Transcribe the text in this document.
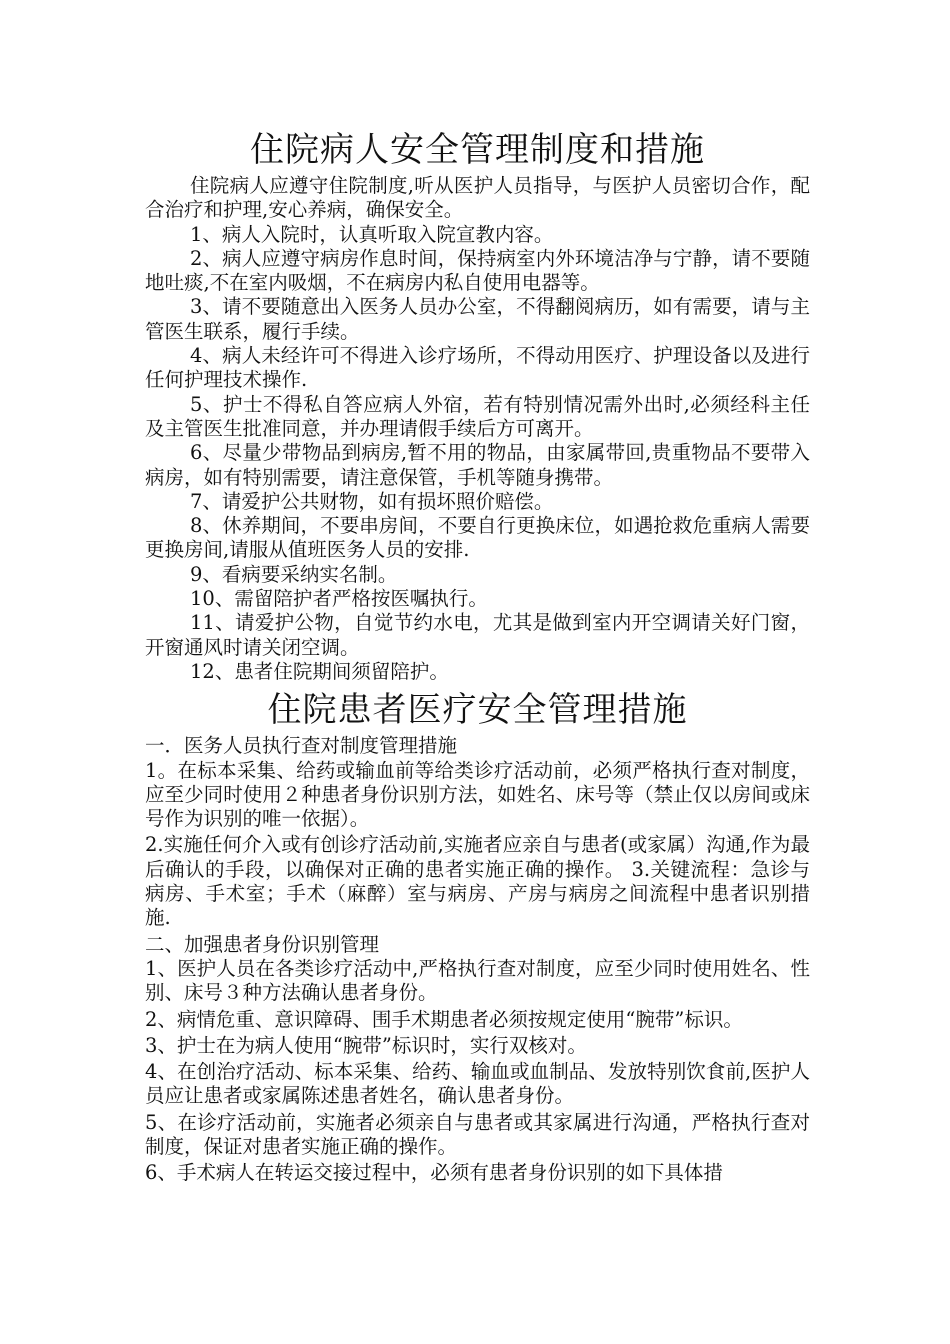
住院病人安全管理制度和措施

住院病人应遵守住院制度,听从医护人员指导，与医护人员密切合作，配合治疗和护理,安心养病，确保安全。

1、病人入院时，认真听取入院宣教内容。

2、病人应遵守病房作息时间，保持病室内外环境洁净与宁静，请不要随地吐痰,不在室内吸烟，不在病房内私自使用电器等。

3、请不要随意出入医务人员办公室，不得翻阅病历，如有需要，请与主管医生联系，履行手续。

4、病人未经许可不得进入诊疗场所，不得动用医疗、护理设备以及进行任何护理技术操作.

5、护士不得私自答应病人外宿，若有特别情况需外出时,必须经科主任及主管医生批准同意，并办理请假手续后方可离开。

6、尽量少带物品到病房,暂不用的物品，由家属带回,贵重物品不要带入病房，如有特别需要，请注意保管，手机等随身携带。

7、请爱护公共财物，如有损坏照价赔偿。

8、休养期间，不要串房间，不要自行更换床位，如遇抢救危重病人需要更换房间,请服从值班医务人员的安排.

9、看病要采纳实名制。

10、需留陪护者严格按医嘱执行。

11、请爱护公物，自觉节约水电，尤其是做到室内开空调请关好门窗，开窗通风时请关闭空调。

12、患者住院期间须留陪护。

住院患者医疗安全管理措施

一．医务人员执行查对制度管理措施

1。在标本采集、给药或输血前等给类诊疗活动前，必须严格执行查对制度，应至少同时使用２种患者身份识别方法，如姓名、床号等（禁止仅以房间或床号作为识别的唯一依据）。

2.实施任何介入或有创诊疗活动前,实施者应亲自与患者(或家属）沟通,作为最后确认的手段，以确保对正确的患者实施正确的操作。 3.关键流程：急诊与病房、手术室；手术（麻醉）室与病房、产房与病房之间流程中患者识别措施.

二、加强患者身份识别管理

1、医护人员在各类诊疗活动中,严格执行查对制度，应至少同时使用姓名、性别、床号３种方法确认患者身份。

2、病情危重、意识障碍、围手术期患者必须按规定使用“腕带”标识。

3、护士在为病人使用“腕带”标识时，实行双核对。

4、在创治疗活动、标本采集、给药、输血或血制品、发放特别饮食前,医护人员应让患者或家属陈述患者姓名，确认患者身份。

5、在诊疗活动前，实施者必须亲自与患者或其家属进行沟通，严格执行查对制度，保证对患者实施正确的操作。

6、手术病人在转运交接过程中，必须有患者身份识别的如下具体措
